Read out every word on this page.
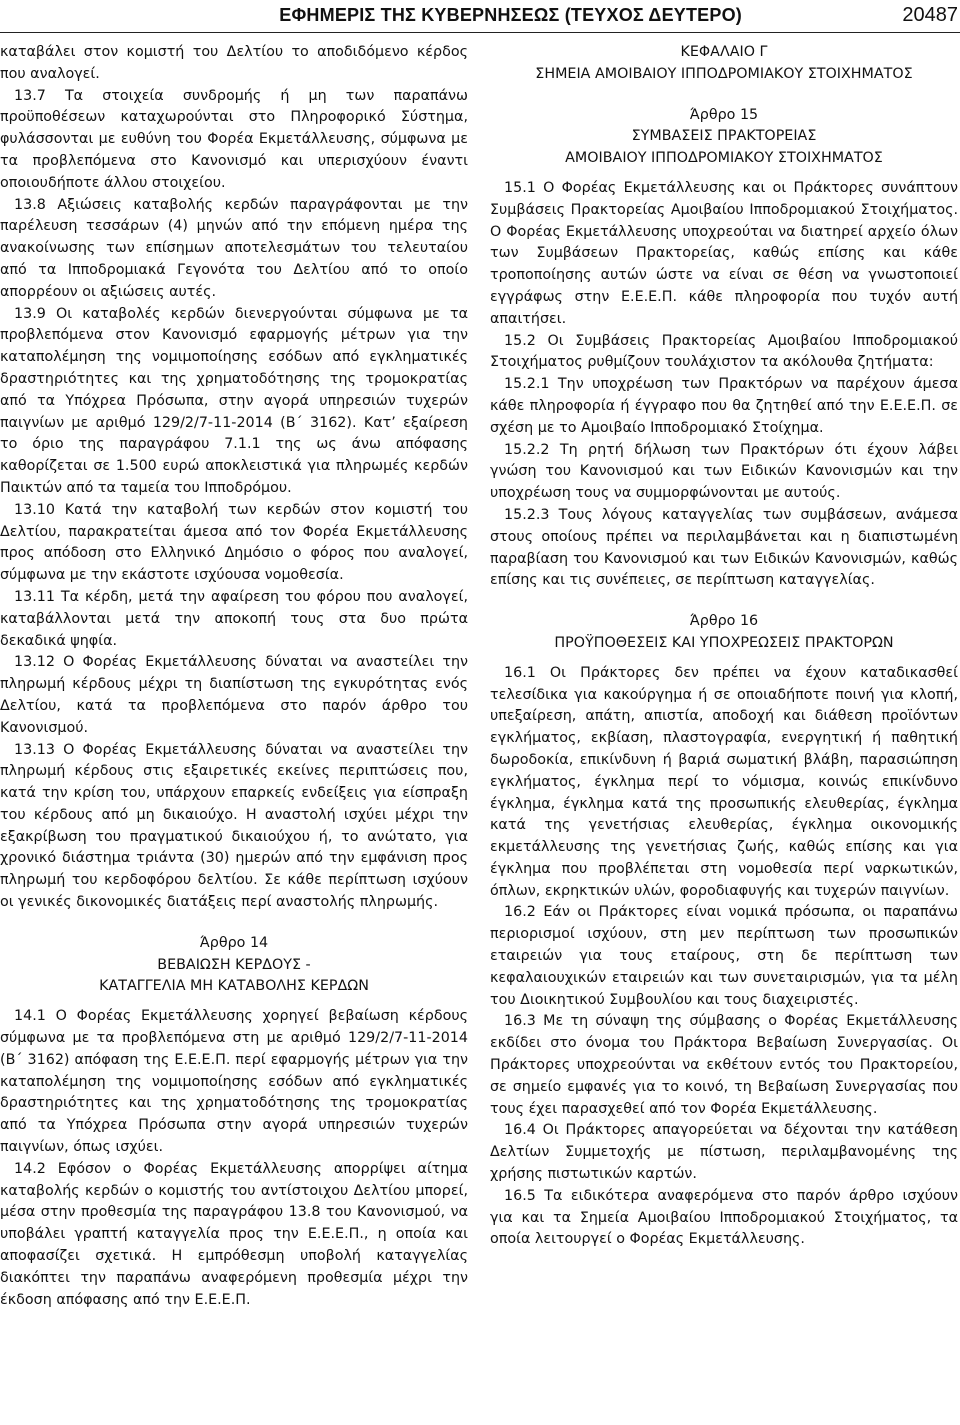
ΕΦΗΜΕΡΙΣ ΤΗΣ ΚΥΒΕΡΝΗΣΕΩΣ (ΤΕΥΧΟΣ ΔΕΥΤΕΡΟ)	20487

καταβάλει στον κομιστή του Δελτίου το αποδιδόμενο κέρδος που αναλογεί.

13.7 Τα στοιχεία συνδρομής ή μη των παραπάνω προϋποθέσεων καταχωρούνται στο Πληροφορικό Σύστημα, φυλάσσονται με ευθύνη του Φορέα Εκμετάλλευσης, σύμφωνα με τα προβλεπόμενα στο Κανονισμό και υπερισχύουν έναντι οποιουδήποτε άλλου στοιχείου.

13.8 Αξιώσεις καταβολής κερδών παραγράφονται με την παρέλευση τεσσάρων (4) μηνών από την επόμενη ημέρα της ανακοίνωσης των επίσημων αποτελεσμάτων του τελευταίου από τα Ιπποδρομιακά Γεγονότα του Δελτίου από το οποίο απορρέουν οι αξιώσεις αυτές.

13.9 Οι καταβολές κερδών διενεργούνται σύμφωνα με τα προβλεπόμενα στον Κανονισμό εφαρμογής μέτρων για την καταπολέμηση της νομιμοποίησης εσόδων από εγκληματικές δραστηριότητες και της χρηματοδότησης της τρομοκρατίας από τα Υπόχρεα Πρόσωπα, στην αγορά υπηρεσιών τυχερών παιγνίων με αριθμό 129/2/7-11-2014 (Β΄ 3162). Κατ’ εξαίρεση το όριο της παραγράφου 7.1.1 της ως άνω απόφασης καθορίζεται σε 1.500 ευρώ αποκλειστικά για πληρωμές κερδών Παικτών από τα ταμεία του Ιπποδρόμου.

13.10 Κατά την καταβολή των κερδών στον κομιστή του Δελτίου, παρακρατείται άμεσα από τον Φορέα Εκμετάλλευσης προς απόδοση στο Ελληνικό Δημόσιο ο φόρος που αναλογεί, σύμφωνα με την εκάστοτε ισχύουσα νομοθεσία.

13.11 Τα κέρδη, μετά την αφαίρεση του φόρου που αναλογεί, καταβάλλονται μετά την αποκοπή τους στα δυο πρώτα δεκαδικά ψηφία.

13.12 Ο Φορέας Εκμετάλλευσης δύναται να αναστείλει την πληρωμή κέρδους μέχρι τη διαπίστωση της εγκυρότητας ενός Δελτίου, κατά τα προβλεπόμενα στο παρόν άρθρο του Κανονισμού.

13.13 Ο Φορέας Εκμετάλλευσης δύναται να αναστείλει την πληρωμή κέρδους στις εξαιρετικές εκείνες περιπτώσεις που, κατά την κρίση του, υπάρχουν επαρκείς ενδείξεις για είσπραξη του κέρδους από μη δικαιούχο. Η αναστολή ισχύει μέχρι την εξακρίβωση του πραγματικού δικαιούχου ή, το ανώτατο, για χρονικό διάστημα τριάντα (30) ημερών από την εμφάνιση προς πληρωμή του κερδοφόρου δελτίου. Σε κάθε περίπτωση ισχύουν οι γενικές δικονομικές διατάξεις περί αναστολής πληρωμής.

Άρθρο 14

ΒΕΒΑΙΩΣΗ ΚΕΡΔΟΥΣ -

ΚΑΤΑΓΓΕΛΙΑ ΜΗ ΚΑΤΑΒΟΛΗΣ ΚΕΡΔΩΝ

14.1 Ο Φορέας Εκμετάλλευσης χορηγεί βεβαίωση κέρδους σύμφωνα με τα προβλεπόμενα στη με αριθμό 129/2/7-11-2014 (Β΄ 3162) απόφαση της Ε.Ε.Ε.Π. περί εφαρμογής μέτρων για την καταπολέμηση της νομιμοποίησης εσόδων από εγκληματικές δραστηριότητες και της χρηματοδότησης της τρομοκρατίας από τα Υπόχρεα Πρόσωπα στην αγορά υπηρεσιών τυχερών παιγνίων, όπως ισχύει.

14.2 Εφόσον ο Φορέας Εκμετάλλευσης απορρίψει αίτημα καταβολής κερδών ο κομιστής του αντίστοιχου Δελτίου μπορεί, μέσα στην προθεσμία της παραγράφου 13.8 του Κανονισμού, να υποβάλει γραπτή καταγγελία προς την Ε.Ε.Ε.Π., η οποία και αποφασίζει σχετικά. Η εμπρόθεσμη υποβολή καταγγελίας διακόπτει την παραπάνω αναφερόμενη προθεσμία μέχρι την έκδοση απόφασης από την Ε.Ε.Ε.Π.

ΚΕΦΑΛΑΙΟ Γ

ΣΗΜΕΙΑ ΑΜΟΙΒΑΙΟΥ ΙΠΠΟΔΡΟΜΙΑΚΟΥ ΣΤΟΙΧΗΜΑΤΟΣ

Άρθρο 15

ΣΥΜΒΑΣΕΙΣ ΠΡΑΚΤΟΡΕΙΑΣ

ΑΜΟΙΒΑΙΟΥ ΙΠΠΟΔΡΟΜΙΑΚΟΥ ΣΤΟΙΧΗΜΑΤΟΣ

15.1 Ο Φορέας Εκμετάλλευσης και οι Πράκτορες συνάπτουν Συμβάσεις Πρακτορείας Αμοιβαίου Ιπποδρομιακού Στοιχήματος. Ο Φορέας Εκμετάλλευσης υποχρεούται να διατηρεί αρχείο όλων των Συμβάσεων Πρακτορείας, καθώς επίσης και κάθε τροποποίησης αυτών ώστε να είναι σε θέση να γνωστοποιεί εγγράφως στην Ε.Ε.Ε.Π. κάθε πληροφορία που τυχόν αυτή απαιτήσει.

15.2 Οι Συμβάσεις Πρακτορείας Αμοιβαίου Ιπποδρομιακού Στοιχήματος ρυθμίζουν τουλάχιστον τα ακόλουθα ζητήματα:

15.2.1 Την υποχρέωση των Πρακτόρων να παρέχουν άμεσα κάθε πληροφορία ή έγγραφο που θα ζητηθεί από την Ε.Ε.Ε.Π. σε σχέση με το Αμοιβαίο Ιπποδρομιακό Στοίχημα.

15.2.2 Τη ρητή δήλωση των Πρακτόρων ότι έχουν λάβει γνώση του Κανονισμού και των Ειδικών Κανονισμών και την υποχρέωση τους να συμμορφώνονται με αυτούς.

15.2.3 Τους λόγους καταγγελίας των συμβάσεων, ανάμεσα στους οποίους πρέπει να περιλαμβάνεται και η διαπιστωμένη παραβίαση του Κανονισμού και των Ειδικών Κανονισμών, καθώς επίσης και τις συνέπειες, σε περίπτωση καταγγελίας.

Άρθρο 16

ΠΡΟΫΠΟΘΕΣΕΙΣ ΚΑΙ ΥΠΟΧΡΕΩΣΕΙΣ ΠΡΑΚΤΟΡΩΝ

16.1 Οι Πράκτορες δεν πρέπει να έχουν καταδικασθεί τελεσίδικα για κακούργημα ή σε οποιαδήποτε ποινή για κλοπή, υπεξαίρεση, απάτη, απιστία, αποδοχή και διάθεση προϊόντων εγκλήματος, εκβίαση, πλαστογραφία, ενεργητική ή παθητική δωροδοκία, επικίνδυνη ή βαριά σωματική βλάβη, παρασιώπηση εγκλήματος, έγκλημα περί το νόμισμα, κοινώς επικίνδυνο έγκλημα, έγκλημα κατά της προσωπικής ελευθερίας, έγκλημα κατά της γενετήσιας ελευθερίας, έγκλημα οικονομικής εκμετάλλευσης της γενετήσιας ζωής, καθώς επίσης και για έγκλημα που προβλέπεται στη νομοθεσία περί ναρκωτικών, όπλων, εκρηκτικών υλών, φοροδιαφυγής και τυχερών παιγνίων.

16.2 Εάν οι Πράκτορες είναι νομικά πρόσωπα, οι παραπάνω περιορισμοί ισχύουν, στη μεν περίπτωση των προσωπικών εταιρειών για τους εταίρους, στη δε περίπτωση των κεφαλαιουχικών εταιρειών και των συνεταιρισμών, για τα μέλη του Διοικητικού Συμβουλίου και τους διαχειριστές.

16.3 Με τη σύναψη της σύμβασης ο Φορέας Εκμετάλλευσης εκδίδει στο όνομα του Πράκτορα Βεβαίωση Συνεργασίας. Οι Πράκτορες υποχρεούνται να εκθέτουν εντός του Πρακτορείου, σε σημείο εμφανές για το κοινό, τη Βεβαίωση Συνεργασίας που τους έχει παρασχεθεί από τον Φορέα Εκμετάλλευσης.

16.4 Οι Πράκτορες απαγορεύεται να δέχονται την κατάθεση Δελτίων Συμμετοχής με πίστωση, περιλαμβανομένης της χρήσης πιστωτικών καρτών.

16.5 Τα ειδικότερα αναφερόμενα στο παρόν άρθρο ισχύουν για και τα Σημεία Αμοιβαίου Ιπποδρομιακού Στοιχήματος, τα οποία λειτουργεί ο Φορέας Εκμετάλλευσης.
